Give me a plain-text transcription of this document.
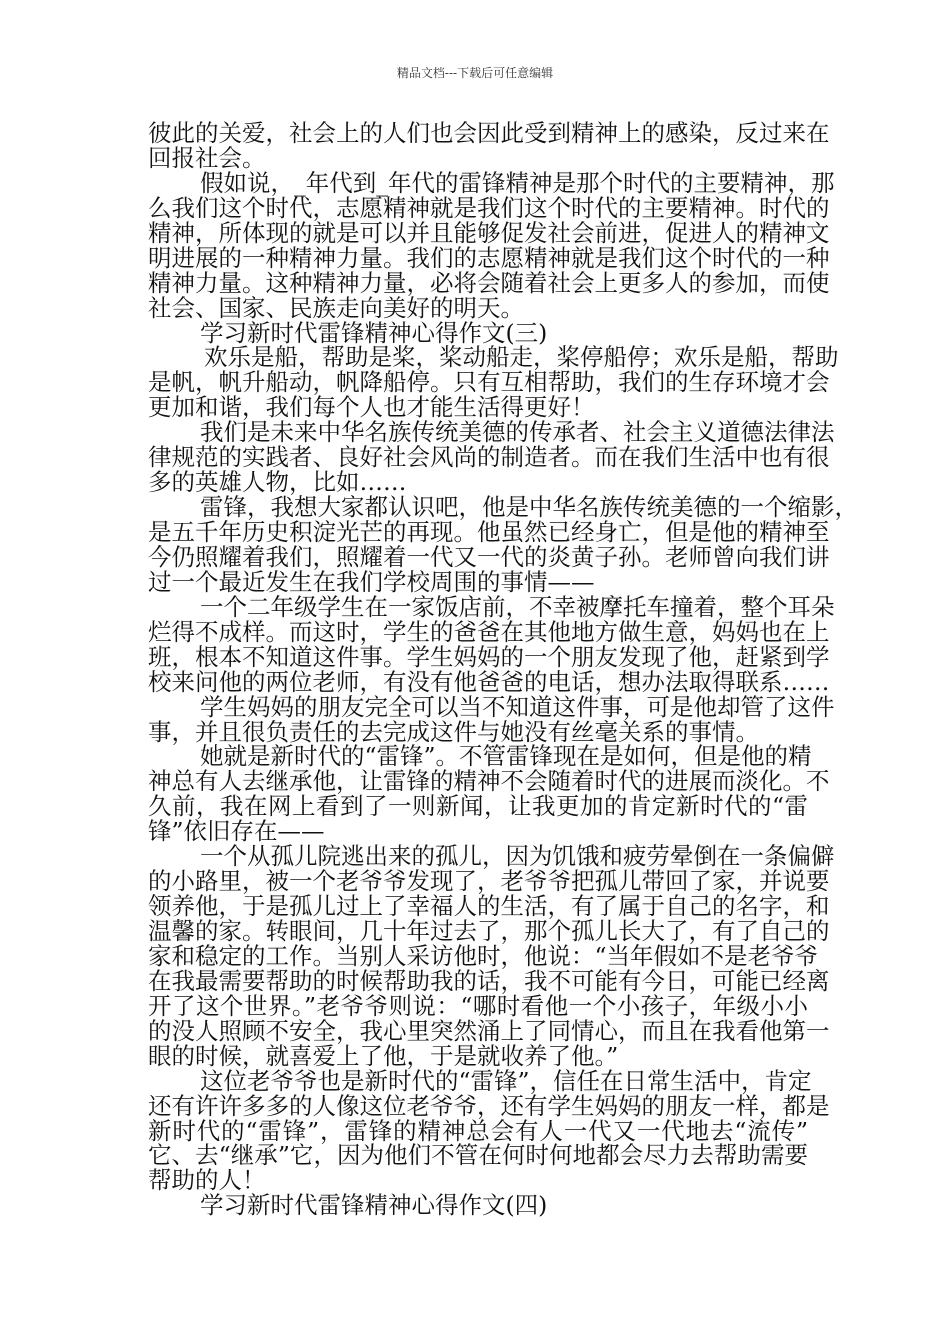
精品文档---下载后可任意编辑
彼此的关爱，社会上的人们也会因此受到精神上的感染，反过来在
回报社会。
假如说，_年代到_年代的雷锋精神是那个时代的主要精神，那
么我们这个时代，志愿精神就是我们这个时代的主要精神。时代的
精神，所体现的就是可以并且能够促发社会前进，促进人的精神文
明进展的一种精神力量。我们的志愿精神就是我们这个时代的一种
精神力量。这种精神力量，必将会随着社会上更多人的参加，而使
社会、国家、民族走向美好的明天。
学习新时代雷锋精神心得作文(三)
欢乐是船，帮助是桨，桨动船走，桨停船停；欢乐是船，帮助
是帆，帆升船动，帆降船停。只有互相帮助，我们的生存环境才会
更加和谐，我们每个人也才能生活得更好！
我们是未来中华名族传统美德的传承者、社会主义道德法律法
律规范的实践者、良好社会风尚的制造者。而在我们生活中也有很
多的英雄人物，比如……
雷锋，我想大家都认识吧，他是中华名族传统美德的一个缩影，
是五千年历史积淀光芒的再现。他虽然已经身亡，但是他的精神至
今仍照耀着我们，照耀着一代又一代的炎黄子孙。老师曾向我们讲
过一个最近发生在我们学校周围的事情——
一个二年级学生在一家饭店前，不幸被摩托车撞着，整个耳朵
烂得不成样。而这时，学生的爸爸在其他地方做生意，妈妈也在上
班，根本不知道这件事。学生妈妈的一个朋友发现了他，赶紧到学
校来问他的两位老师，有没有他爸爸的电话，想办法取得联系……
学生妈妈的朋友完全可以当不知道这件事，可是他却管了这件
事，并且很负责任的去完成这件与她没有丝毫关系的事情。
她就是新时代的“雷锋”。不管雷锋现在是如何，但是他的精
神总有人去继承他，让雷锋的精神不会随着时代的进展而淡化。不
久前，我在网上看到了一则新闻，让我更加的肯定新时代的“雷
锋”依旧存在——
一个从孤儿院逃出来的孤儿，因为饥饿和疲劳晕倒在一条偏僻
的小路里，被一个老爷爷发现了，老爷爷把孤儿带回了家，并说要
领养他，于是孤儿过上了幸福人的生活，有了属于自己的名字，和
温馨的家。转眼间，几十年过去了，那个孤儿长大了，有了自己的
家和稳定的工作。当别人采访他时，他说：“当年假如不是老爷爷
在我最需要帮助的时候帮助我的话，我不可能有今日，可能已经离
开了这个世界。”老爷爷则说：“哪时看他一个小孩子，年级小小
的没人照顾不安全，我心里突然涌上了同情心，而且在我看他第一
眼的时候，就喜爱上了他，于是就收养了他。”
这位老爷爷也是新时代的“雷锋”，信任在日常生活中，肯定
还有许许多多的人像这位老爷爷，还有学生妈妈的朋友一样，都是
新时代的“雷锋”，雷锋的精神总会有人一代又一代地去“流传”
它、去“继承”它，因为他们不管在何时何地都会尽力去帮助需要
帮助的人！
学习新时代雷锋精神心得作文(四)
